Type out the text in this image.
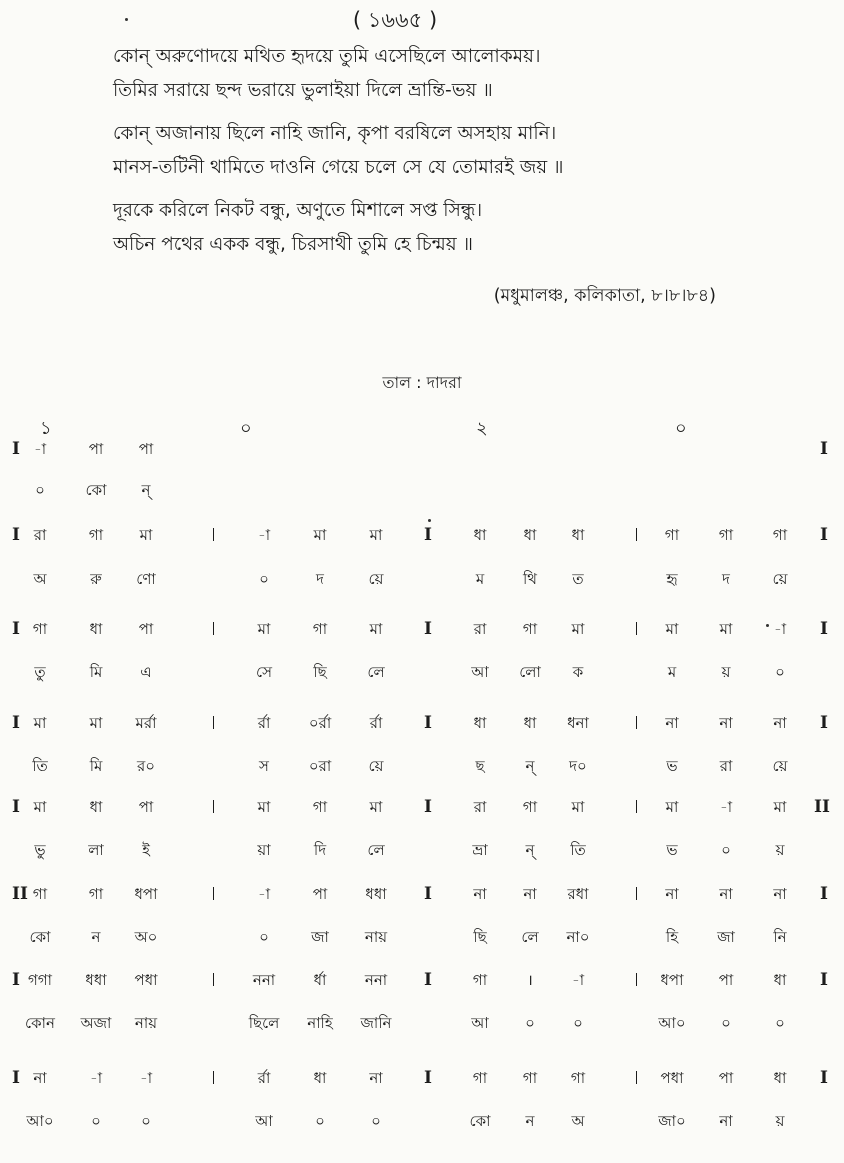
( ১৬৬৫ )
কোন্‌ অরুণোদয়ে মথিত হৃদয়ে তুমি এসেছিলে আলোকময়।
তিমির সরায়ে ছন্দ ভরায়ে ভুলাইয়া দিলে ভ্রান্তি-ভয় ॥
কোন্‌ অজানায় ছিলে নাহি জানি, কৃপা বরষিলে অসহায় মানি।
মানস-তটিনী থামিতে দাওনি গেয়ে চলে সে যে তোমারই জয় ॥
দূরকে করিলে নিকট বন্ধু, অণুতে মিশালে সপ্ত সিন্ধু।
অচিন পথের একক বন্ধু, চিরসাথী তুমি হে চিন্ময় ॥
(মধুমালঞ্চ, কলিকাতা, ৮।৮।৮৪)
তাল : দাদরা
১	০	২	০
-া	পা	পা
I	I
০	কো	ন্‌
রা	গা	মা	-া	মা	মা	ধা	ধা	ধা	গা	গা	গা
I	I	I
অ	রু	ণো	০	দ	য়ে	ম	থি	ত	হৃ	দ	য়ে
গা	ধা	পা	মা	গা	মা	রা	গা	মা	মা	মা	-া
I	I	I
তু	মি	এ	সে	ছি	লে	আ	লো	ক	ম	য়	০
মা	মা	মর্রা	র্রা	০র্রা	র্রা	ধা	ধা	ধনা	না	না	না
I	I	I
তি	মি	র০	স	০রা	য়ে	ছ	ন্‌	দ০	ভ	রা	য়ে
মা	ধা	পা	মা	গা	মা	রা	গা	মা	মা	-া	মা
I	I	II
ভু	লা	ই	য়া	দি	লে	ভ্রা	ন্‌	তি	ভ	০	য়
গা	গা	ধপা	-া	পা	ধধা	না	না	রধা	না	না	না
II	I	I
কো	ন	অ০	০	জা	নায়	ছি	লে	না০	হি	জা	নি
গগা	ধধা	পধা	ননা	র্ধা	ননা	গা	।	-া	ধপা	পা	ধা
I	I	I
কোন	অজা	নায়	ছিলে	নাহি	জানি	আ	০	০	আ০	০	০
না	-া	-া	র্রা	ধা	না	গা	গা	গা	পধা	পা	ধা
I	I	I
আ০	০	০	আ	০	০	কো	ন	অ	জা০	না	য়
